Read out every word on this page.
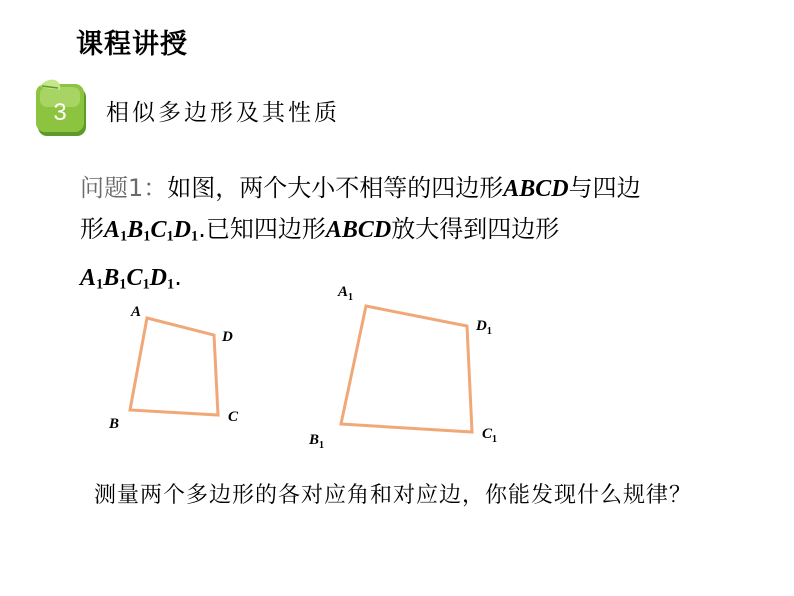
课程讲授
3 相似多边形及其性质
问题1：如图，两个大小不相等的四边形ABCD与四边
形$A_1B_1C_1D_1$.已知四边形ABCD放大得到四边形
$A_1B_1C_1D_1$.
A
D
C
B
$A_1$
$D_1$
$C_1$
$B_1$
测量两个多边形的各对应角和对应边，你能发现什么规律？
